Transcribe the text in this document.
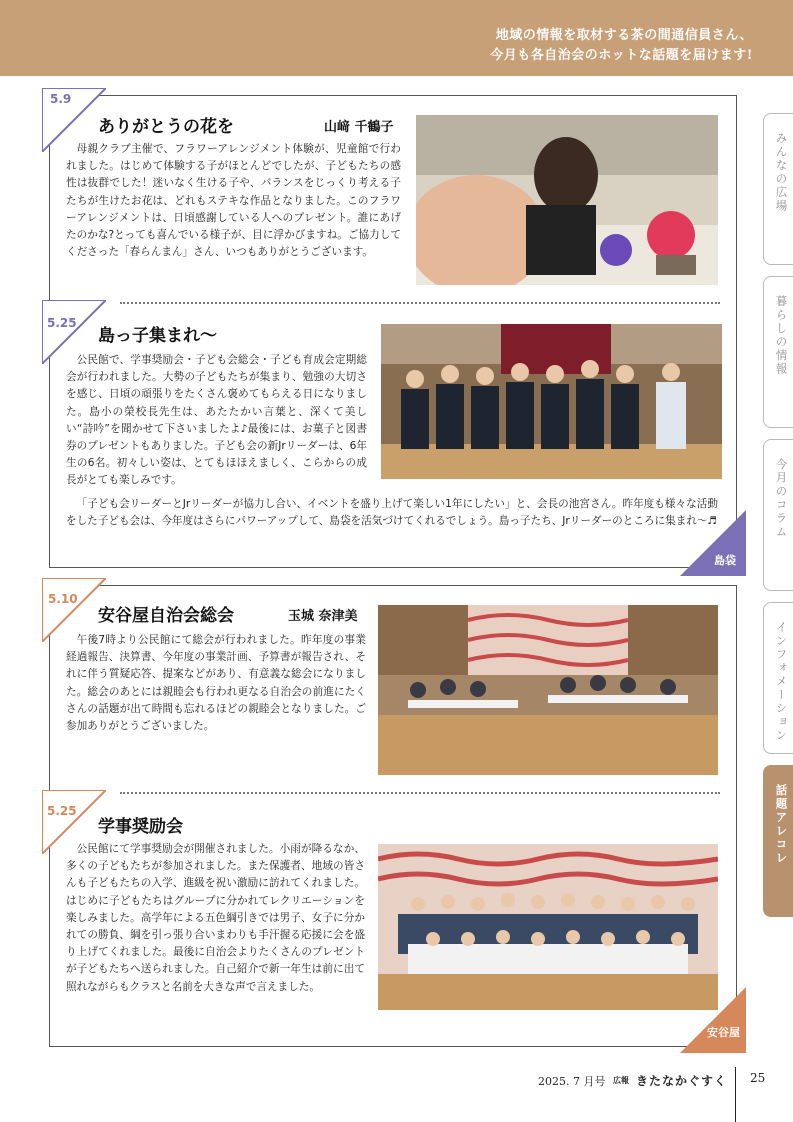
地域の情報を取材する茶の間通信員さん、
今月も各自治会のホットな話題を届けます!
5.9
ありがとうの花を	山﨑 千鶴子

母親クラブ主催で、フラワーアレンジメント体験が、児童館で行われました。はじめて体験する子がほとんどでしたが、子どもたちの感性は抜群でした！迷いなく生ける子や、バランスをじっくり考える子たちが生けたお花は、どれもステキな作品となりました。このフラワーアレンジメントは、日頃感謝している人へのプレゼント。誰にあげたのかな?とっても喜んでいる様子が、目に浮かびますね。ご協力してくださった「春らんまん」さん、いつもありがとうございます。

5.25
島っ子集まれ〜

公民館で、学事奨励会・子ども会総会・子ども育成会定期総会が行われました。大勢の子どもたちが集まり、勉強の大切さを感じ、日頃の頑張りをたくさん褒めてもらえる日になりました。島小の榮校長先生は、あたたかい言葉と、深くて美しい“詩吟”を聞かせて下さいましたよ♪最後には、お菓子と図書券のプレゼントもありました。子ども会の新Jrリーダーは、6年生の6名。初々しい姿は、とてもほほえましく、こらからの成長がとても楽しみです。

「子ども会リーダーとJrリーダーが協力し合い、イベントを盛り上げて楽しい1年にしたい」と、会長の池宮さん。昨年度も様々な活動をした子ども会は、今年度はさらにパワーアップして、島袋を活気づけてくれるでしょう。島っ子たち、Jrリーダーのところに集まれ〜♬

島袋
5.10
安谷屋自治会総会	玉城 奈津美

午後7時より公民館にて総会が行われました。昨年度の事業経過報告、決算書、今年度の事業計画、予算書が報告され、それに伴う質疑応答、提案などがあり、有意義な総会になりました。総会のあとには親睦会も行われ更なる自治会の前進にたくさんの話題が出て時間も忘れるほどの親睦会となりました。ご参加ありがとうございました。

5.25
学事奨励会

公民館にて学事奨励会が開催されました。小雨が降るなか、多くの子どもたちが参加されました。また保護者、地域の皆さんも子どもたちの入学、進級を祝い激励に訪れてくれました。はじめに子どもたちはグループに分かれてレクリエーションを楽しみました。高学年による五色綱引きでは男子、女子に分かれての勝負、綱を引っ張り合いまわりも手汗握る応援に会を盛り上げてくれました。最後に自治会よりたくさんのプレゼントが子どもたちへ送られました。自己紹介で新一年生は前に出て照れながらもクラスと名前を大きな声で言えました。

安谷屋
みんなの広場
暮らしの情報
今月のコラム
インフォメーション
話題アレコレ
2025. 7 月号 広報 きたなかぐすく 25
